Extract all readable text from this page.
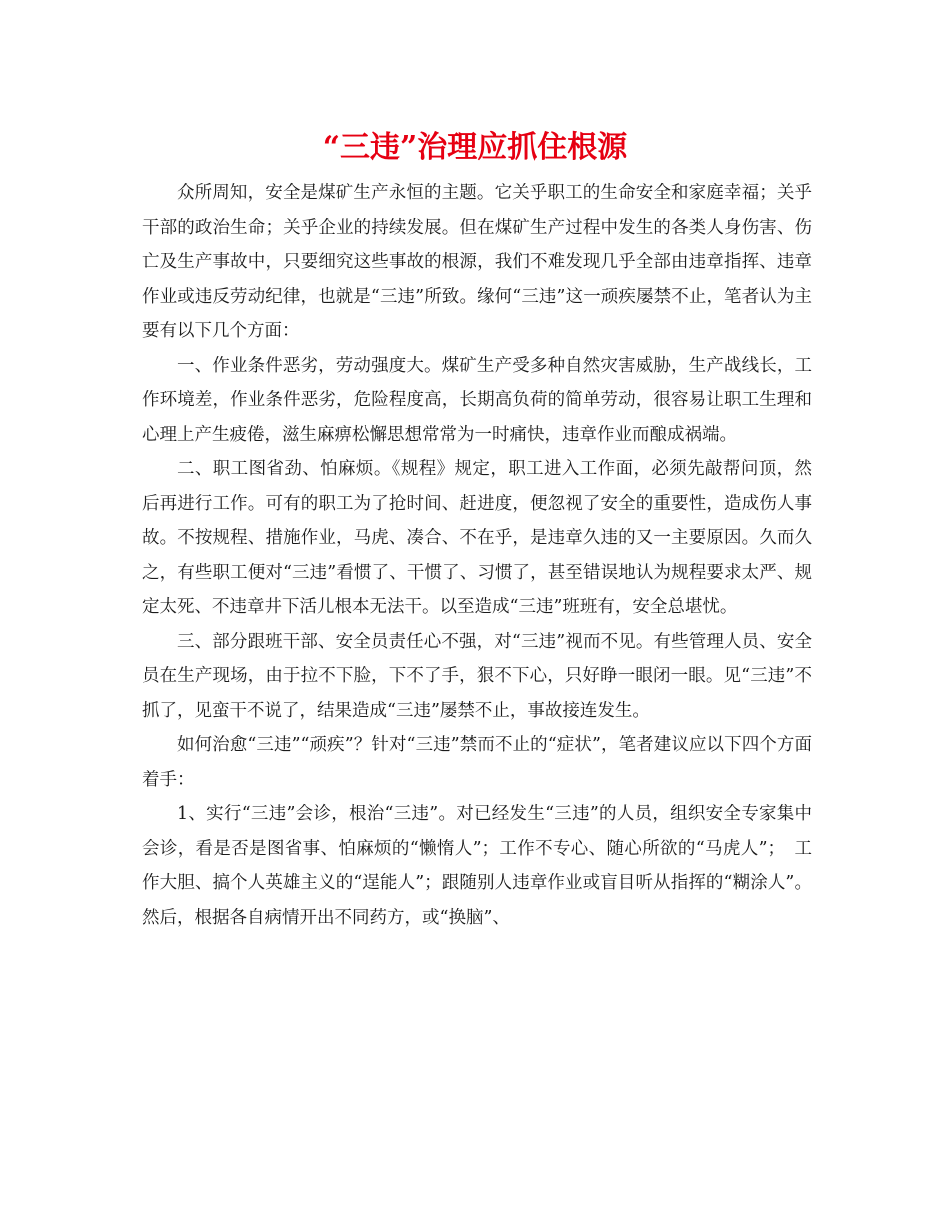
“三违”治理应抓住根源

众所周知，安全是煤矿生产永恒的主题。它关乎职工的生命安全和家庭幸福；关乎干部的政治生命；关乎企业的持续发展。但在煤矿生产过程中发生的各类人身伤害、伤亡及生产事故中，只要细究这些事故的根源，我们不难发现几乎全部由违章指挥、违章作业或违反劳动纪律，也就是“三违”所致。缘何“三违”这一顽疾屡禁不止，笔者认为主要有以下几个方面：

一、作业条件恶劣，劳动强度大。煤矿生产受多种自然灾害威胁，生产战线长，工作环境差，作业条件恶劣，危险程度高，长期高负荷的简单劳动，很容易让职工生理和心理上产生疲倦，滋生麻痹松懈思想常常为一时痛快，违章作业而酿成祸端。

二、职工图省劲、怕麻烦。《规程》规定，职工进入工作面，必须先敲帮问顶，然后再进行工作。可有的职工为了抢时间、赶进度，便忽视了安全的重要性，造成伤人事故。不按规程、措施作业，马虎、凑合、不在乎，是违章久违的又一主要原因。久而久之，有些职工便对“三违”看惯了、干惯了、习惯了，甚至错误地认为规程要求太严、规定太死、不违章井下活儿根本无法干。以至造成“三违”班班有，安全总堪忧。

三、部分跟班干部、安全员责任心不强，对“三违”视而不见。有些管理人员、安全员在生产现场，由于拉不下脸，下不了手，狠不下心，只好睁一眼闭一眼。见“三违”不抓了，见蛮干不说了，结果造成“三违”屡禁不止，事故接连发生。

如何治愈“三违”“顽疾”？针对“三违”禁而不止的“症状”，笔者建议应以下四个方面着手：

1、实行“三违”会诊，根治“三违”。对已经发生“三违”的人员，组织安全专家集中会诊，看是否是图省事、怕麻烦的“懒惰人”；工作不专心、随心所欲的“马虎人”；　工作大胆、搞个人英雄主义的“逞能人”；跟随别人违章作业或盲目听从指挥的“糊涂人”。然后，根据各自病情开出不同药方，或“换脑”、
